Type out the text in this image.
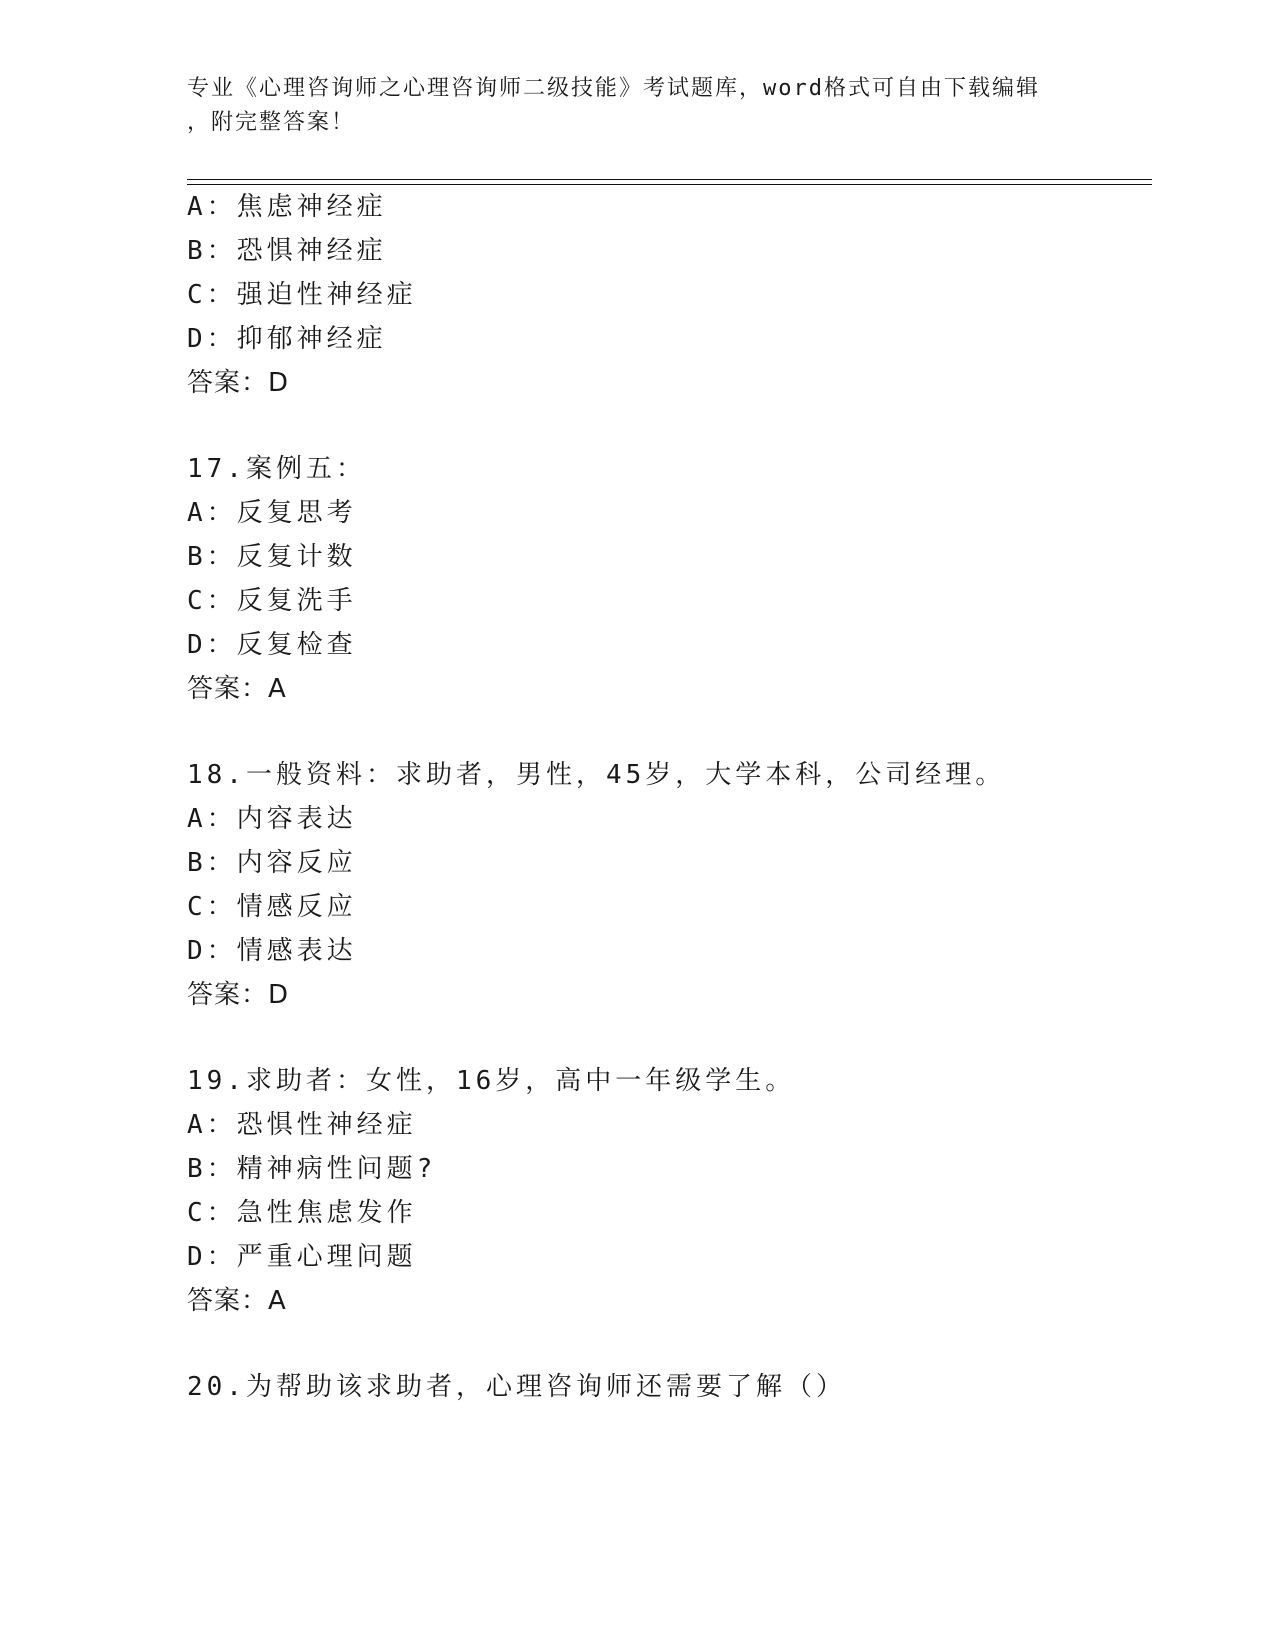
专业《心理咨询师之心理咨询师二级技能》考试题库，word格式可自由下载编辑
，附完整答案！
A：焦虑神经症
B：恐惧神经症
C：强迫性神经症
D：抑郁神经症
答案：D
17.案例五：
A：反复思考
B：反复计数
C：反复洗手
D：反复检查
答案：A
18.一般资料：求助者，男性，45岁，大学本科，公司经理。
A：内容表达
B：内容反应
C：情感反应
D：情感表达
答案：D
19.求助者：女性，16岁，高中一年级学生。
A：恐惧性神经症
B：精神病性问题?
C：急性焦虑发作
D：严重心理问题
答案：A
20.为帮助该求助者，心理咨询师还需要了解（）
